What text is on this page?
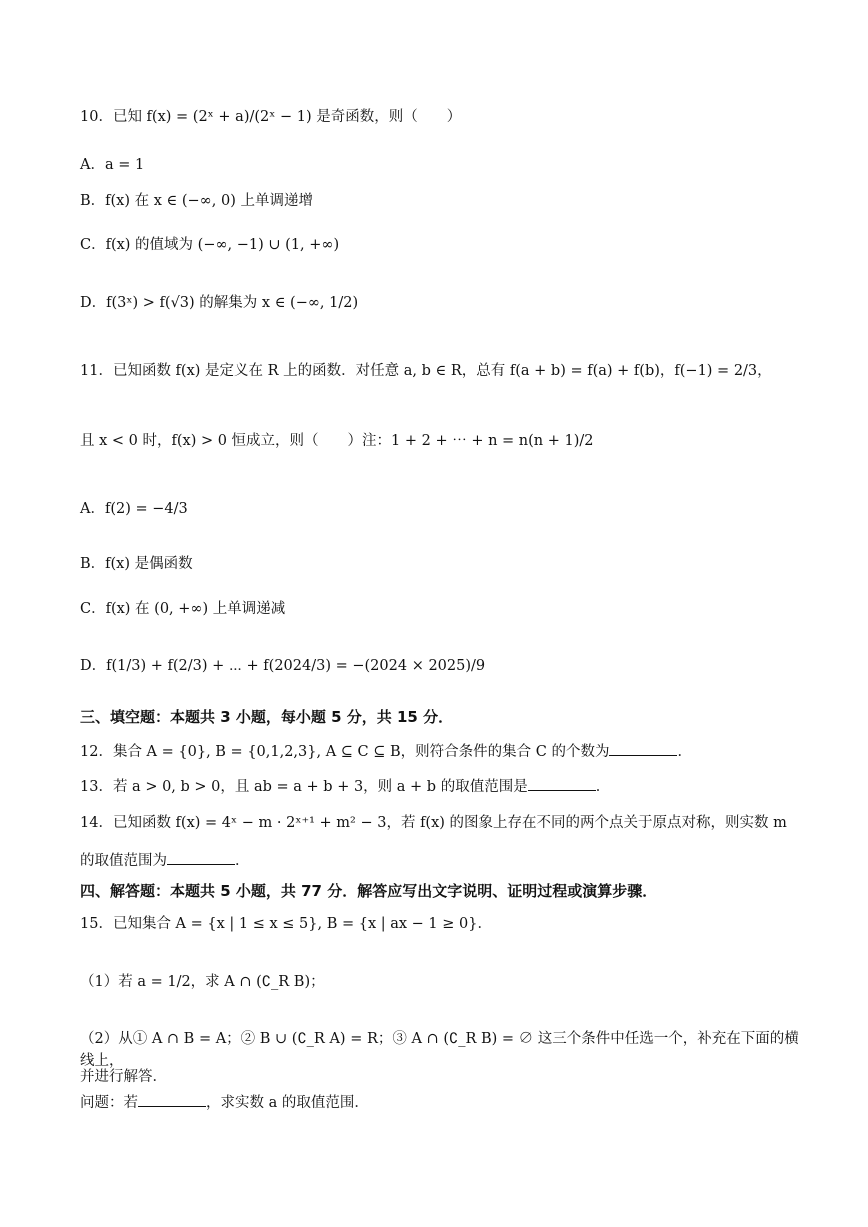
10．已知 f(x) = (2ˣ + a)/(2ˣ − 1) 是奇函数，则（　　）
A．a = 1
B．f(x) 在 x ∈ (−∞, 0) 上单调递增
C．f(x) 的值域为 (−∞, −1) ∪ (1, +∞)
D．f(3ˣ) > f(√3) 的解集为 x ∈ (−∞, 1/2)
11．已知函数 f(x) 是定义在 R 上的函数．对任意 a, b ∈ R，总有 f(a + b) = f(a) + f(b)，f(−1) = 2/3，
且 x < 0 时，f(x) > 0 恒成立，则（　　）注：1 + 2 + ⋯ + n = n(n + 1)/2
A．f(2) = −4/3
B．f(x) 是偶函数
C．f(x) 在 (0, +∞) 上单调递减
D．f(1/3) + f(2/3) + ⋯ + f(2024/3) = −(2024 × 2025)/9
三、填空题：本题共 3 小题，每小题 5 分，共 15 分．
12．集合 A = {0}, B = {0,1,2,3}, A ⊆ C ⊆ B，则符合条件的集合 C 的个数为	．
13．若 a > 0, b > 0，且 ab = a + b + 3，则 a + b 的取值范围是	．
14．已知函数 f(x) = 4ˣ − m · 2ˣ⁺¹ + m² − 3，若 f(x) 的图象上存在不同的两个点关于原点对称，则实数 m
的取值范围为	．
四、解答题：本题共 5 小题，共 77 分．解答应写出文字说明、证明过程或演算步骤．
15．已知集合 A = {x | 1 ≤ x ≤ 5}, B = {x | ax − 1 ≥ 0}．
（1）若 a = 1/2，求 A ∩ (∁_R B)；
（2）从① A ∩ B = A；② B ∪ (∁_R A) = R；③ A ∩ (∁_R B) = ∅ 这三个条件中任选一个，补充在下面的横线上，
并进行解答．
问题：若	，求实数 a 的取值范围．
